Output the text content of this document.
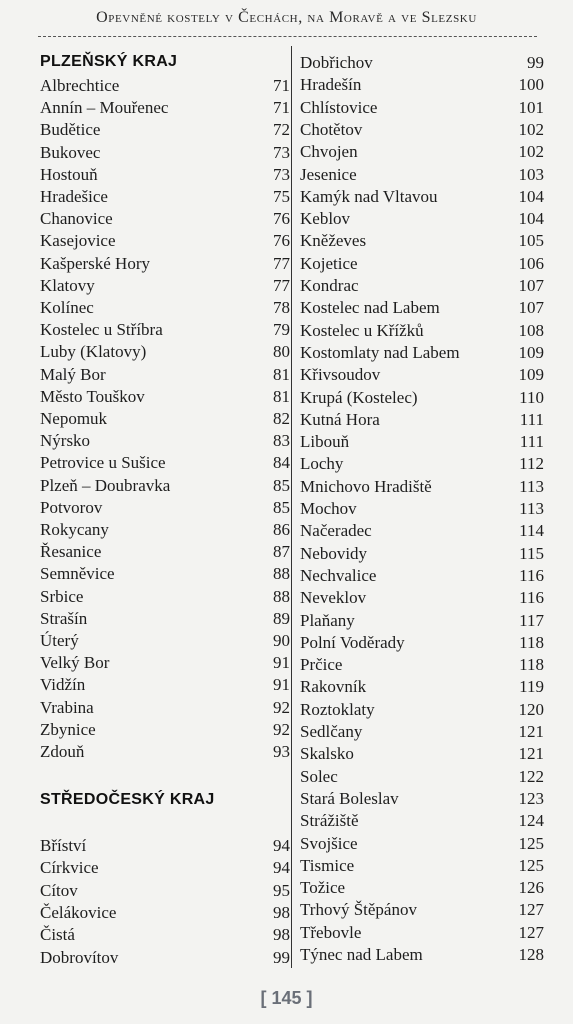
Opevněné kostely v Čechách, na Moravě a ve Slezsku
PLZEŇSKÝ KRAJ
Albrechtice	71
Annín – Mouřenec	71
Budětice	72
Bukovec	73
Hostouň	73
Hradešice	75
Chanovice	76
Kasejovice	76
Kašperské Hory	77
Klatovy	77
Kolínec	78
Kostelec u Stříbra	79
Luby (Klatovy)	80
Malý Bor	81
Město Touškov	81
Nepomuk	82
Nýrsko	83
Petrovice u Sušice	84
Plzeň – Doubravka	85
Potvorov	85
Rokycany	86
Řesanice	87
Semněvice	88
Srbice	88
Strašín	89
Úterý	90
Velký Bor	91
Vidžín	91
Vrabina	92
Zbynice	92
Zdouň	93
STŘEDOČESKÝ KRAJ
Bříství	94
Církvice	94
Cítov	95
Čelákovice	98
Čistá	98
Dobrovítov	99
Dobřichov	99
Hradešín	100
Chlístovice	101
Chotětov	102
Chvojen	102
Jesenice	103
Kamýk nad Vltavou	104
Keblov	104
Kněževes	105
Kojetice	106
Kondrac	107
Kostelec nad Labem	107
Kostelec u Křížků	108
Kostomlaty nad Labem	109
Křivsoudov	109
Krupá (Kostelec)	110
Kutná Hora	111
Libouň	111
Lochy	112
Mnichovo Hradiště	113
Mochov	113
Načeradec	114
Nebovidy	115
Nechvalice	116
Neveklov	116
Plaňany	117
Polní Voděrady	118
Prčice	118
Rakovník	119
Roztoklaty	120
Sedlčany	121
Skalsko	121
Solec	122
Stará Boleslav	123
Strážiště	124
Svojšice	125
Tismice	125
Tožice	126
Trhový Štěpánov	127
Třebovle	127
Týnec nad Labem	128
[ 145 ]
